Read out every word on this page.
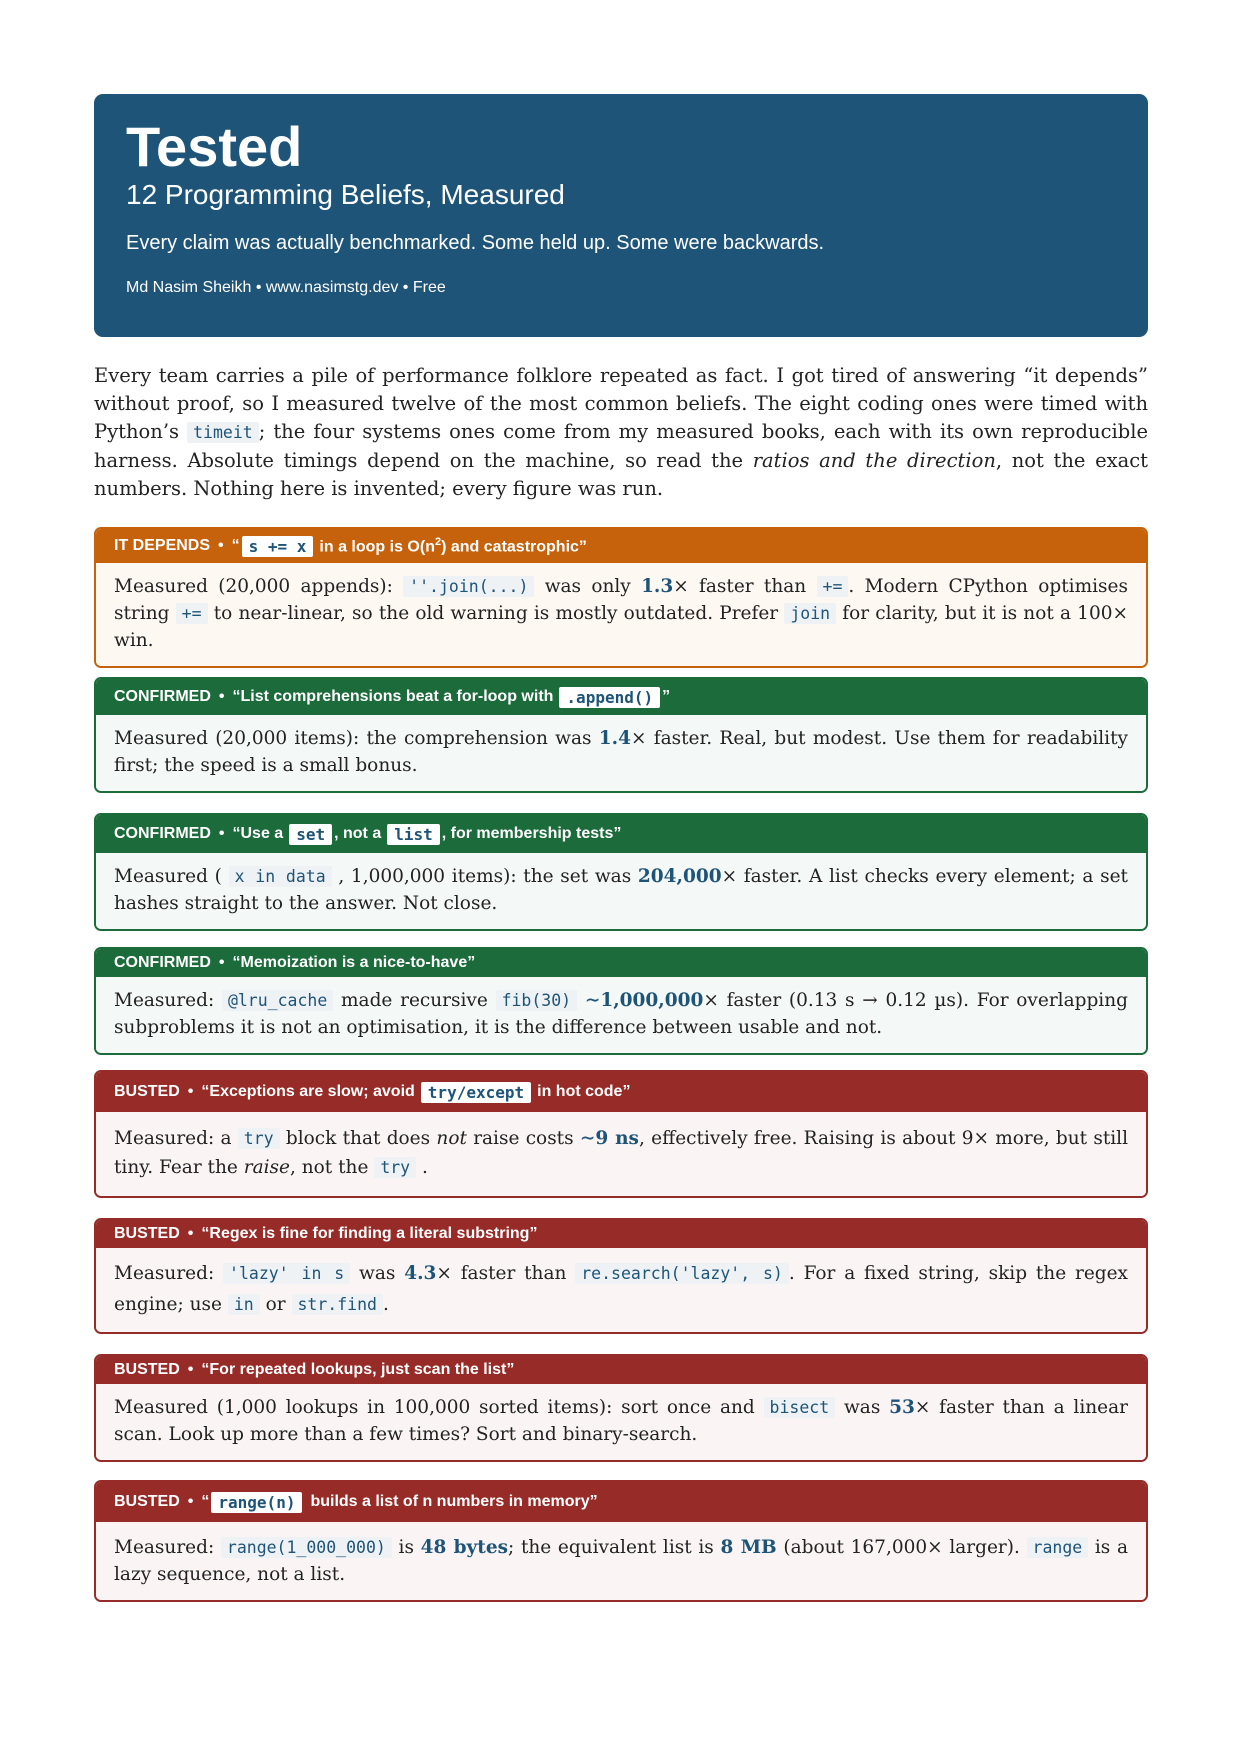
Tested
12 Programming Beliefs, Measured
Every claim was actually benchmarked. Some held up. Some were backwards.
Md Nasim Sheikh • www.nasimstg.dev • Free

Every team carries a pile of performance folklore repeated as fact. I got tired of answering “it depends” without proof, so I measured twelve of the most common beliefs. The eight coding ones were timed with Python’s timeit ; the four systems ones come from my measured books, each with its own reproducible harness. Absolute timings depend on the machine, so read the ratios and the direction, not the exact numbers. Nothing here is invented; every figure was run.

IT DEPENDS • “ s += x in a loop is $O(n^2)$ and catastrophic”
Measured (20,000 appends): ''.join(...) was only 1.3× faster than += . Modern CPython optimises string += to near-linear, so the old warning is mostly outdated. Prefer join for clarity, but it is not a 100× win.
CONFIRMED • “List comprehensions beat a for-loop with .append() ”
Measured (20,000 items): the comprehension was 1.4× faster. Real, but modest. Use them for readability first; the speed is a small bonus.
CONFIRMED • “Use a set , not a list , for membership tests”
Measured ( x in data , 1,000,000 items): the set was 204,000× faster. A list checks every element; a set hashes straight to the answer. Not close.
CONFIRMED • “Memoization is a nice-to-have”
Measured: @lru_cache made recursive fib(30) ∼1,000,000× faster (0.13 s → 0.12 µs). For overlapping subproblems it is not an optimisation, it is the difference between usable and not.
BUSTED • “Exceptions are slow; avoid try/except in hot code”
Measured: a try block that does not raise costs ∼9 ns, effectively free. Raising is about 9× more, but still tiny. Fear the raise, not the try .
BUSTED • “Regex is fine for finding a literal substring”
Measured: 'lazy' in s was 4.3× faster than re.search('lazy', s) . For a fixed string, skip the regex engine; use in or str.find .
BUSTED • “For repeated lookups, just scan the list”
Measured (1,000 lookups in 100,000 sorted items): sort once and bisect was 53× faster than a linear scan. Look up more than a few times? Sort and binary-search.
BUSTED • “ range(n) builds a list of n numbers in memory”
Measured: range(1_000_000) is 48 bytes; the equivalent list is 8 MB (about 167,000× larger). range is a lazy sequence, not a list.
